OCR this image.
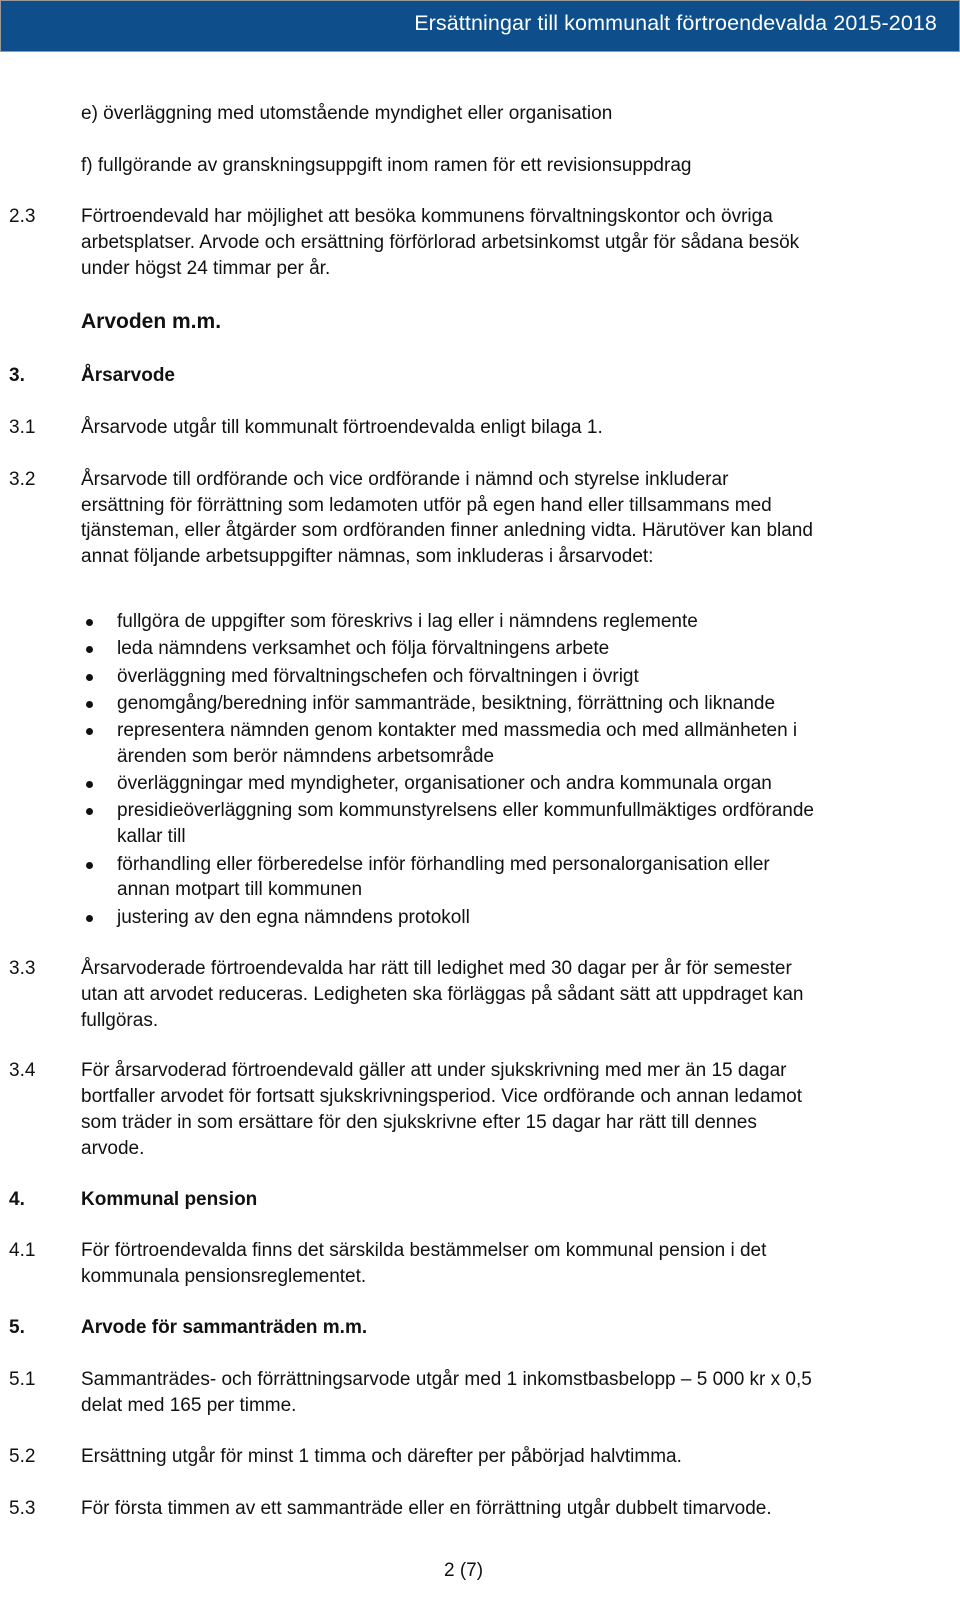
Ersättningar till kommunalt förtroendevalda 2015-2018
e) överläggning med utomstående myndighet eller organisation
f) fullgörande av granskningsuppgift inom ramen för ett revisionsuppdrag
2.3 Förtroendevald har möjlighet att besöka kommunens förvaltningskontor och övriga
arbetsplatser. Arvode och ersättning förförlorad arbetsinkomst utgår för sådana besök
under högst 24 timmar per år.
Arvoden m.m.
3.	Årsarvode
3.1 Årsarvode utgår till kommunalt förtroendevalda enligt bilaga 1.
3.2 Årsarvode till ordförande och vice ordförande i nämnd och styrelse inkluderar
ersättning för förrättning som ledamoten utför på egen hand eller tillsammans med
tjänsteman, eller åtgärder som ordföranden finner anledning vidta. Härutöver kan bland
annat följande arbetsuppgifter nämnas, som inkluderas i årsarvodet:
fullgöra de uppgifter som föreskrivs i lag eller i nämndens reglemente
leda nämndens verksamhet och följa förvaltningens arbete
överläggning med förvaltningschefen och förvaltningen i övrigt
genomgång/beredning inför sammanträde, besiktning, förrättning och liknande
representera nämnden genom kontakter med massmedia och med allmänheten i
ärenden som berör nämndens arbetsområde
överläggningar med myndigheter, organisationer och andra kommunala organ
presidieöverläggning som kommunstyrelsens eller kommunfullmäktiges ordförande
kallar till
förhandling eller förberedelse inför förhandling med personalorganisation eller
annan motpart till kommunen
justering av den egna nämndens protokoll
3.3 Årsarvoderade förtroendevalda har rätt till ledighet med 30 dagar per år för semester
utan att arvodet reduceras. Ledigheten ska förläggas på sådant sätt att uppdraget kan
fullgöras.
3.4 För årsarvoderad förtroendevald gäller att under sjukskrivning med mer än 15 dagar
bortfaller arvodet för fortsatt sjukskrivningsperiod. Vice ordförande och annan ledamot
som träder in som ersättare för den sjukskrivne efter 15 dagar har rätt till dennes
arvode.
4.	Kommunal pension
4.1 För förtroendevalda finns det särskilda bestämmelser om kommunal pension i det
kommunala pensionsreglementet.
5.	Arvode för sammanträden m.m.
5.1 Sammanträdes- och förrättningsarvode utgår med 1 inkomstbasbelopp – 5 000 kr x 0,5
delat med 165 per timme.
5.2 Ersättning utgår för minst 1 timma och därefter per påbörjad halvtimma.
5.3 För första timmen av ett sammanträde eller en förrättning utgår dubbelt timarvode.
2 (7)
